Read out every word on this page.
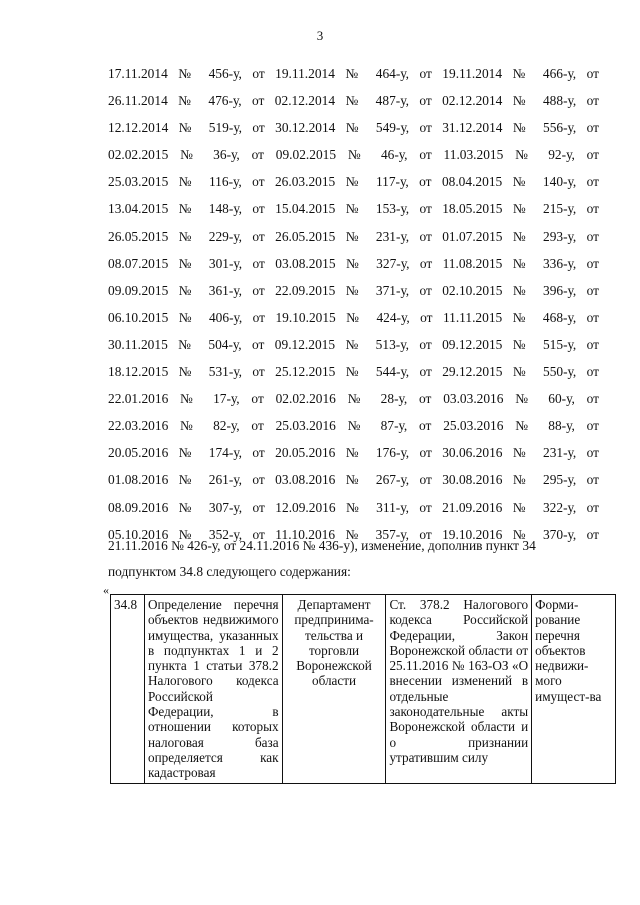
3
17.11.2014 № 456-у, от 19.11.2014 № 464-у, от 19.11.2014 № 466-у, от
26.11.2014 № 476-у, от 02.12.2014 № 487-у, от 02.12.2014 № 488-у, от
12.12.2014 № 519-у, от 30.12.2014 № 549-у, от 31.12.2014 № 556-у, от
02.02.2015 № 36-у, от 09.02.2015 № 46-у, от 11.03.2015 № 92-у, от
25.03.2015 № 116-у, от 26.03.2015 № 117-у, от 08.04.2015 № 140-у, от
13.04.2015 № 148-у, от 15.04.2015 № 153-у, от 18.05.2015 № 215-у, от
26.05.2015 № 229-у, от 26.05.2015 № 231-у, от 01.07.2015 № 293-у, от
08.07.2015 № 301-у, от 03.08.2015 № 327-у, от 11.08.2015 № 336-у, от
09.09.2015 № 361-у, от 22.09.2015 № 371-у, от 02.10.2015 № 396-у, от
06.10.2015 № 406-у, от 19.10.2015 № 424-у, от 11.11.2015 № 468-у, от
30.11.2015 № 504-у, от 09.12.2015 № 513-у, от 09.12.2015 № 515-у, от
18.12.2015 № 531-у, от 25.12.2015 № 544-у, от 29.12.2015 № 550-у, от
22.01.2016 № 17-у, от 02.02.2016 № 28-у, от 03.03.2016 № 60-у, от
22.03.2016 № 82-у, от 25.03.2016 № 87-у, от 25.03.2016 № 88-у, от
20.05.2016 № 174-у, от 20.05.2016 № 176-у, от 30.06.2016 № 231-у, от
01.08.2016 № 261-у, от 03.08.2016 № 267-у, от 30.08.2016 № 295-у, от
08.09.2016 № 307-у, от 12.09.2016 № 311-у, от 21.09.2016 № 322-у, от
05.10.2016 № 352-у, от 11.10.2016 № 357-у, от 19.10.2016 № 370-у, от
21.11.2016 № 426-у, от 24.11.2016 № 436-у), изменение, дополнив пункт 34
подпунктом 34.8 следующего содержания:
«
34.8	Определение перечня объектов недвижимого имущества, указанных в подпунктах 1 и 2 пункта 1 статьи 378.2 Налогового кодекса Российской Федерации, в отношении которых налоговая база определяется как кадастровая	Департамент предпринима-тельства и торговли Воронежской области	Ст. 378.2 Налогового кодекса Российской Федерации, Закон Воронежской области от 25.11.2016 № 163-ОЗ «О внесении изменений в отдельные законодательные акты Воронежской области и о признании утратившим силу	Форми-рование перечня объектов недвижи-мого имущест-ва
